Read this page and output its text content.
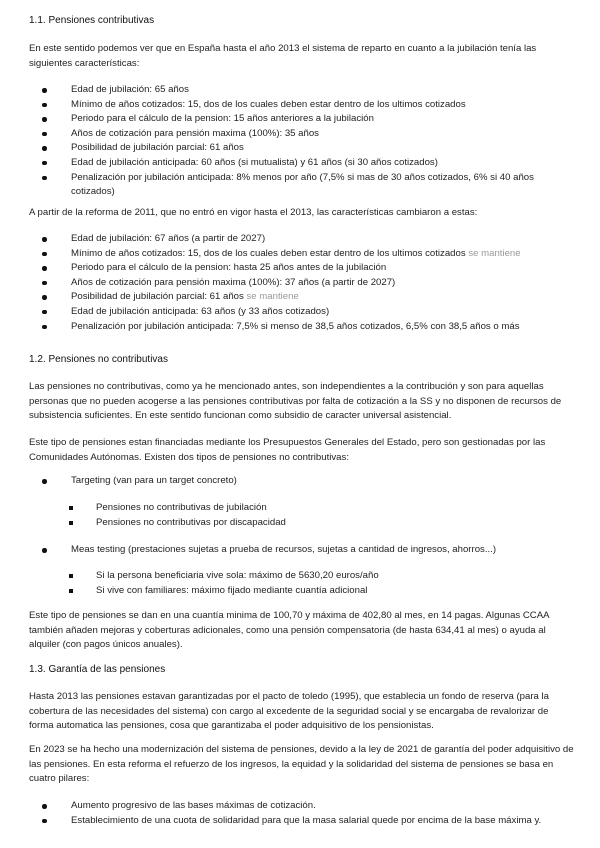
1.1. Pensiones contributivas
En este sentido podemos ver que en España hasta el año 2013 el sistema de reparto en cuanto a la jubilación tenía las siguientes características:
Edad de jubilación: 65 años
Mínimo de años cotizados: 15, dos de los cuales deben estar dentro de los ultimos cotizados
Periodo para el cálculo de la pension: 15 años anteriores a la jubilación
Años de cotización para pensión maxima (100%): 35 años
Posibilidad de jubilación parcial: 61 años
Edad de jubilación anticipada: 60 años (si mutualista) y 61 años (si 30 años cotizados)
Penalización por jubilación anticipada: 8% menos por año (7,5% si mas de 30 años cotizados, 6% si 40 años cotizados)
A partir de la reforma de 2011, que no entró en vigor hasta el 2013, las características cambiaron a estas:
Edad de jubilación: 67 años (a partir de 2027)
Mínimo de años cotizados: 15, dos de los cuales deben estar dentro de los ultimos cotizados se mantiene
Periodo para el cálculo de la pension: hasta 25 años antes de la jubilación
Años de cotización para pensión maxima (100%): 37 años (a partir de 2027)
Posibilidad de jubilación parcial: 61 años se mantiene
Edad de jubilación anticipada: 63 años (y 33 años cotizados)
Penalización por jubilación anticipada: 7,5% si menso de 38,5 años cotizados, 6,5% con 38,5 años o más
1.2. Pensiones no contributivas
Las pensiones no contributivas, como ya he mencionado antes, son independientes a la contribución y son para aquellas personas que no pueden acogerse a las pensiones contributivas por falta de cotización a la SS y no disponen de recursos de subsistencia suficientes. En este sentido funcionan como subsidio de caracter universal asistencial.
Este tipo de pensiones estan financiadas mediante los Presupuestos Generales del Estado, pero son gestionadas por las Comunidades Autónomas. Existen dos tipos de pensiones no contributivas:
Targeting (van para un target concreto)
Pensiones no contributivas de jubilación
Pensiones no contributivas por discapacidad
Meas testing (prestaciones sujetas a prueba de recursos, sujetas a cantidad de ingresos, ahorros...)
Si la persona beneficiaria vive sola: máximo de 5630,20 euros/año
Si vive con familiares: máximo fijado mediante cuantía adicional
Este tipo de pensiones se dan en una cuantía minima de 100,70 y máxima de 402,80 al mes, en 14 pagas. Algunas CCAA también añaden mejoras y coberturas adicionales, como una pensión compensatoria (de hasta 634,41 al mes) o ayuda al alquiler (con pagos únicos anuales).
1.3. Garantía de las pensiones
Hasta 2013 las pensiones estavan garantizadas por el pacto de toledo (1995), que establecia un fondo de reserva (para la cobertura de las necesidades del sistema) con cargo al excedente de la seguridad social y se encargaba de revalorizar de forma automatica las pensiones, cosa que garantizaba el poder adquisitivo de los pensionistas.
En 2023 se ha hecho una modernización del sistema de pensiones, devido a la ley de 2021 de garantía del poder adquisitivo de las pensiones. En esta reforma el refuerzo de los ingresos, la equidad y la solidaridad del sistema de pensiones se basa en cuatro pilares:
Aumento progresivo de las bases máximas de cotización.
Establecimiento de una cuota de solidaridad para que la masa salarial quede por encima de la base máxima y.
